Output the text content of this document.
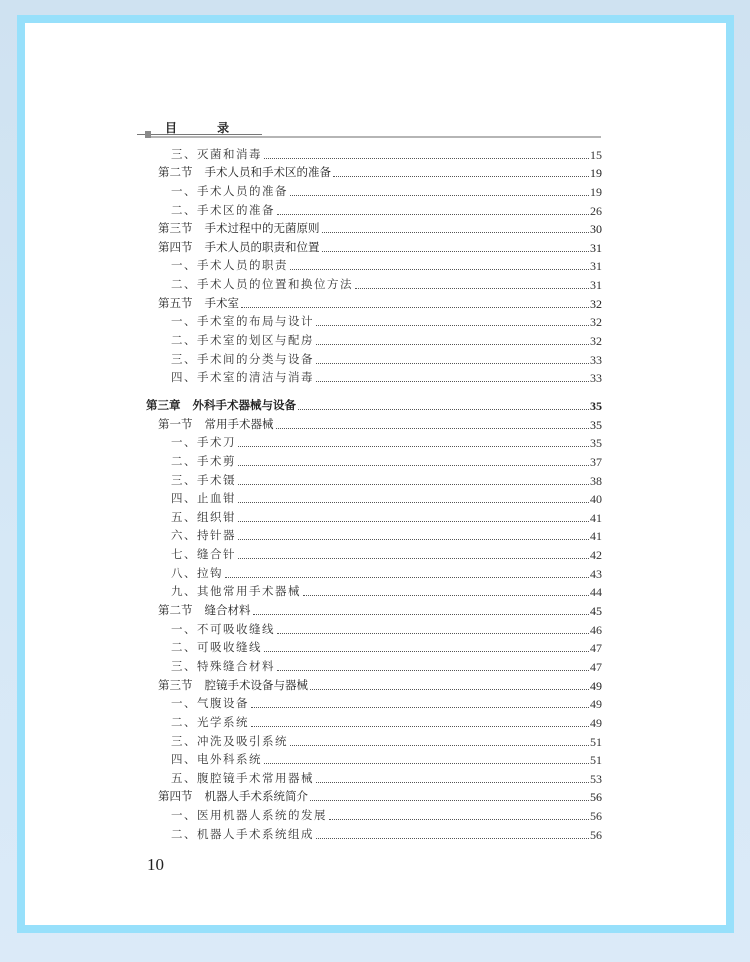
目 录
三、灭菌和消毒	15
第二节 手术人员和手术区的准备	19
一、手术人员的准备	19
二、手术区的准备	26
第三节 手术过程中的无菌原则	30
第四节 手术人员的职责和位置	31
一、手术人员的职责	31
二、手术人员的位置和换位方法	31
第五节 手术室	32
一、手术室的布局与设计	32
二、手术室的划区与配房	32
三、手术间的分类与设备	33
四、手术室的清洁与消毒	33
第三章 外科手术器械与设备	35
第一节 常用手术器械	35
一、手术刀	35
二、手术剪	37
三、手术镊	38
四、止血钳	40
五、组织钳	41
六、持针器	41
七、缝合针	42
八、拉钩	43
九、其他常用手术器械	44
第二节 缝合材料	45
一、不可吸收缝线	46
二、可吸收缝线	47
三、特殊缝合材料	47
第三节 腔镜手术设备与器械	49
一、气腹设备	49
二、光学系统	49
三、冲洗及吸引系统	51
四、电外科系统	51
五、腹腔镜手术常用器械	53
第四节 机器人手术系统简介	56
一、医用机器人系统的发展	56
二、机器人手术系统组成	56
10
